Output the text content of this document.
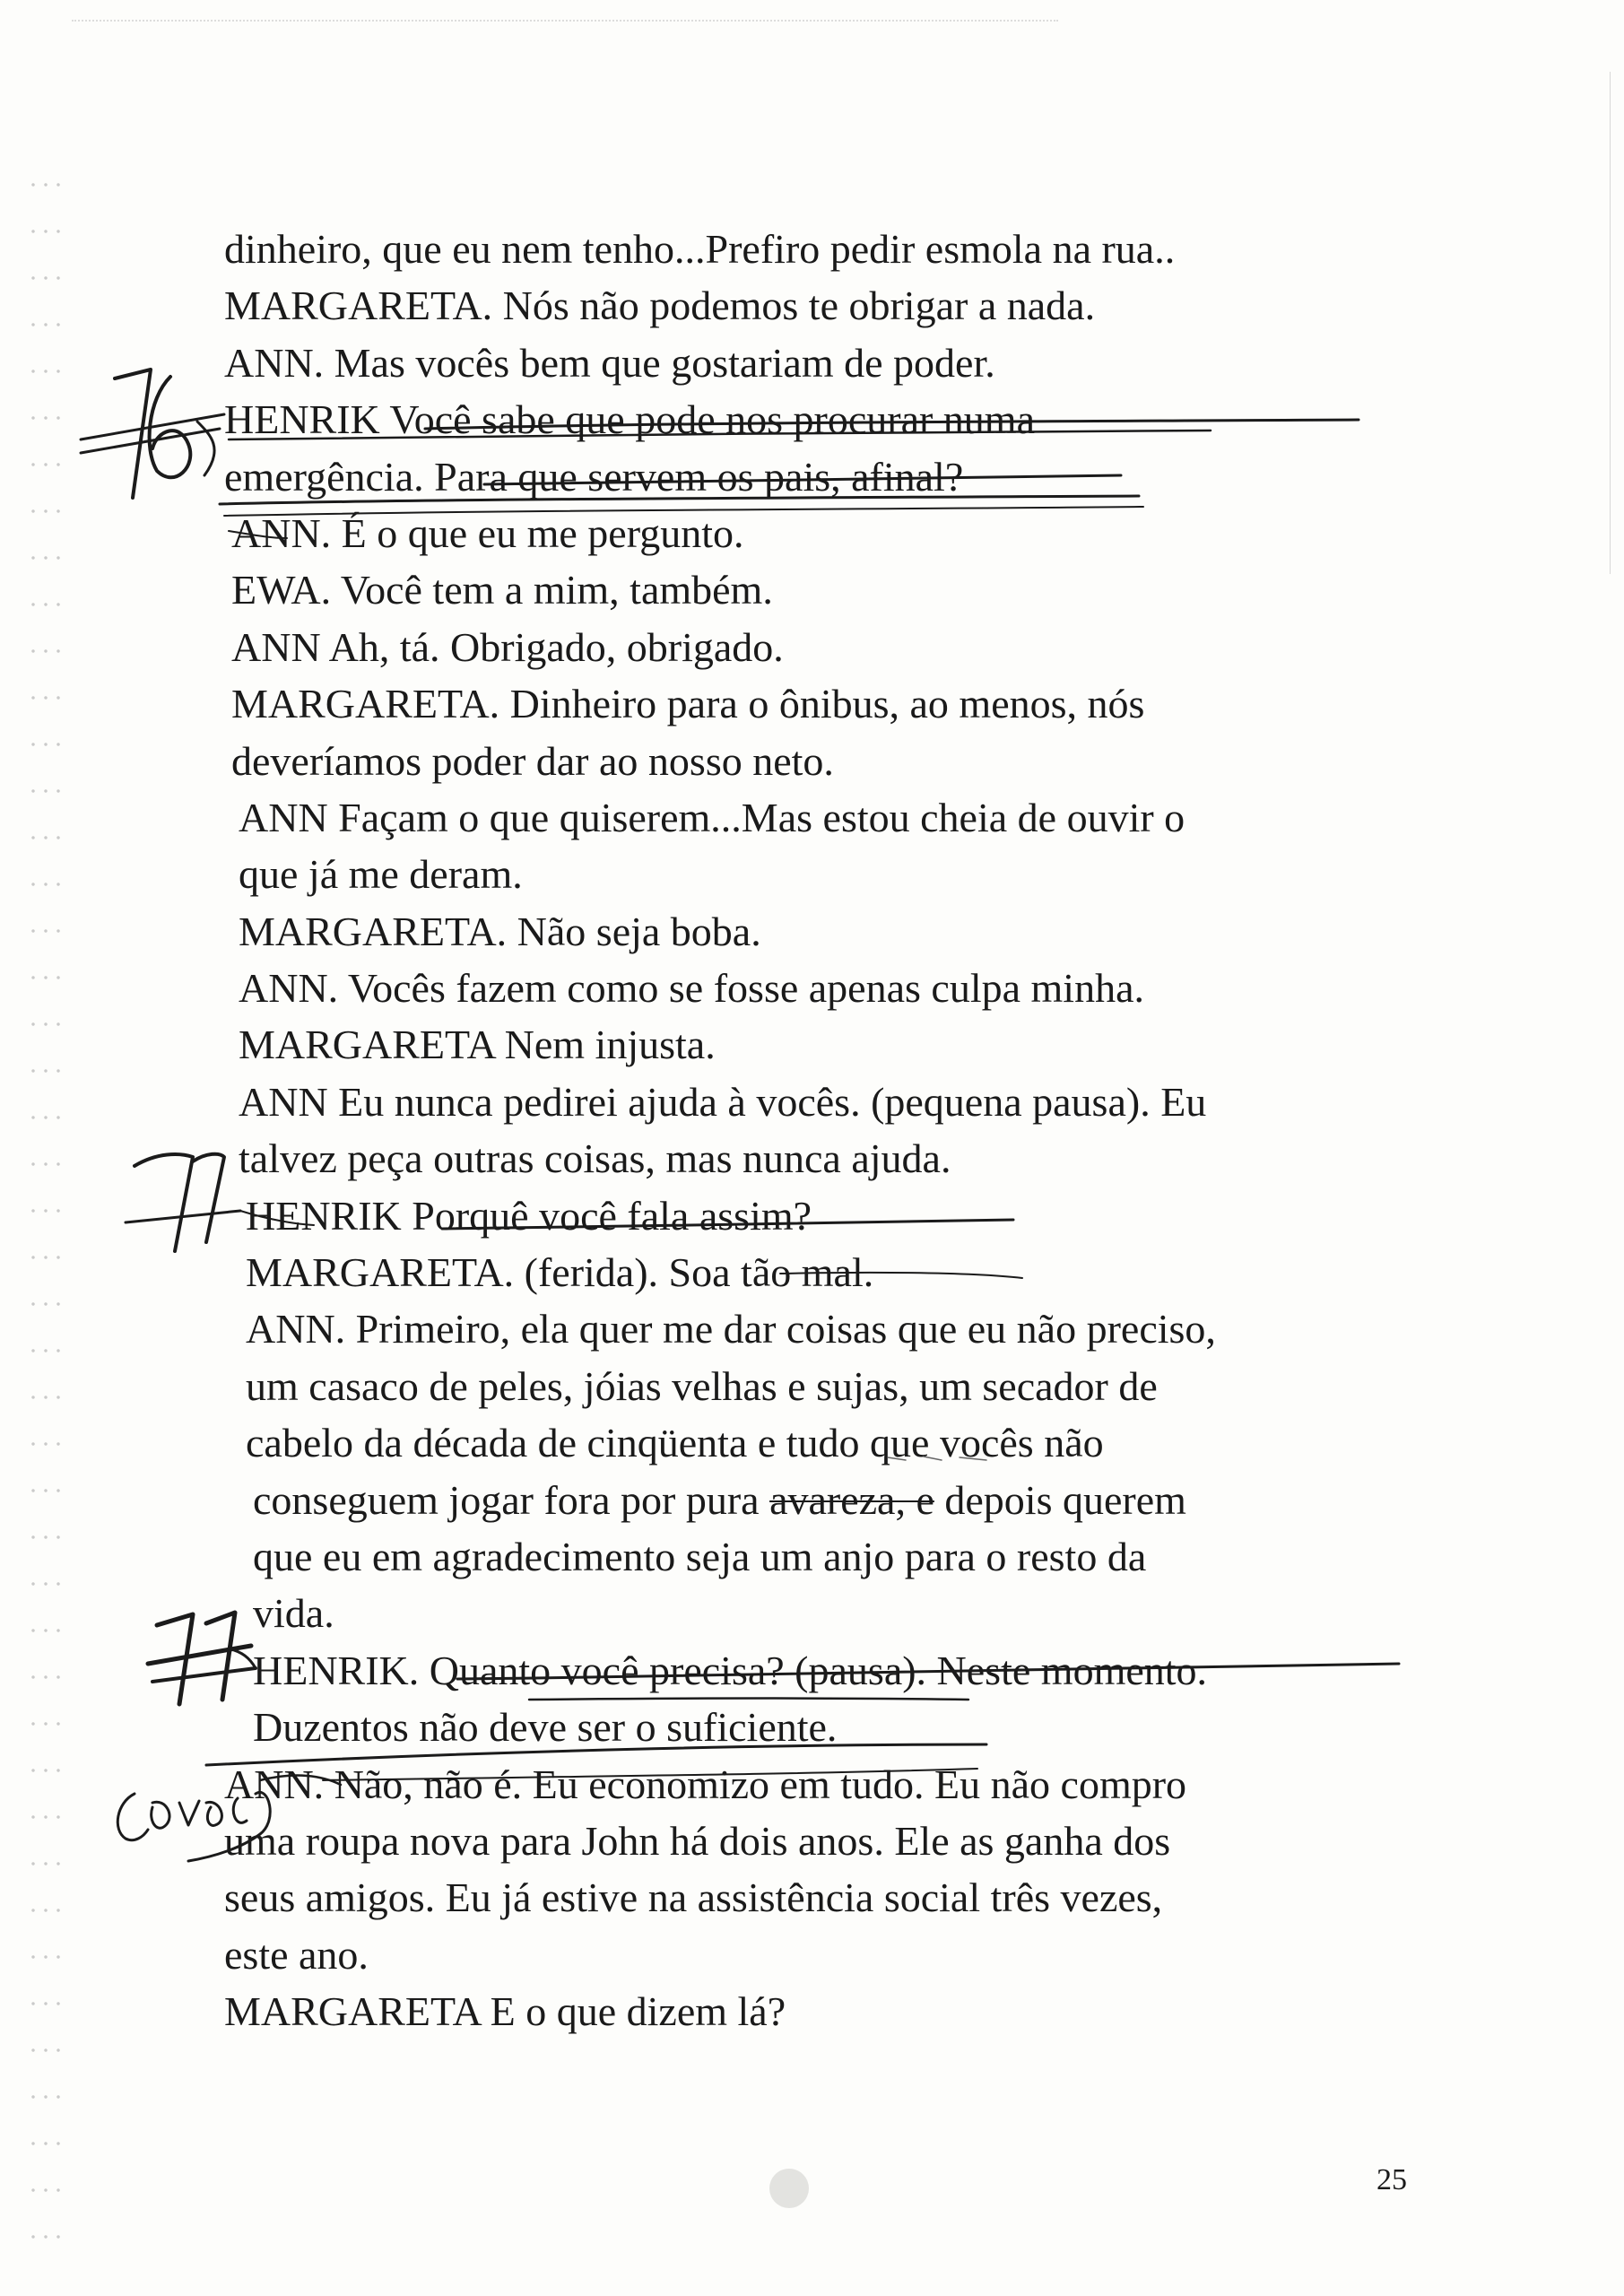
dinheiro, que eu nem tenho...Prefiro pedir esmola na rua..
MARGARETA. Nós não podemos te obrigar a nada.
ANN. Mas vocês bem que gostariam de poder.
HENRIK Você sabe que pode nos procurar numa
emergência. Para que servem os pais, afinal?
ANN. É o que eu me pergunto.
EWA. Você tem a mim, também.
ANN Ah, tá. Obrigado, obrigado.
MARGARETA. Dinheiro para o ônibus, ao menos, nós
deveríamos poder dar ao nosso neto.
ANN Façam o que quiserem...Mas estou cheia de ouvir o
que já me deram.
MARGARETA. Não seja boba.
ANN. Vocês fazem como se fosse apenas culpa minha.
MARGARETA Nem injusta.
ANN Eu nunca pedirei ajuda à vocês. (pequena pausa). Eu
talvez peça outras coisas, mas nunca ajuda.
HENRIK Porquê você fala assim?
MARGARETA. (ferida). Soa tão mal.
ANN. Primeiro, ela quer me dar coisas que eu não preciso,
um casaco de peles, jóias velhas e sujas, um secador de
cabelo da década de cinqüenta e tudo que vocês não
conseguem jogar fora por pura avareza, e depois querem
que eu em agradecimento seja um anjo para o resto da
vida.
HENRIK. Quanto você precisa? (pausa). Neste momento.
Duzentos não deve ser o suficiente.
ANN. Não, não é. Eu economizo em tudo. Eu não compro
uma roupa nova para John há dois anos. Ele as ganha dos
seus amigos. Eu já estive na assistência social três vezes,
este ano.
MARGARETA E o que dizem lá?
25
